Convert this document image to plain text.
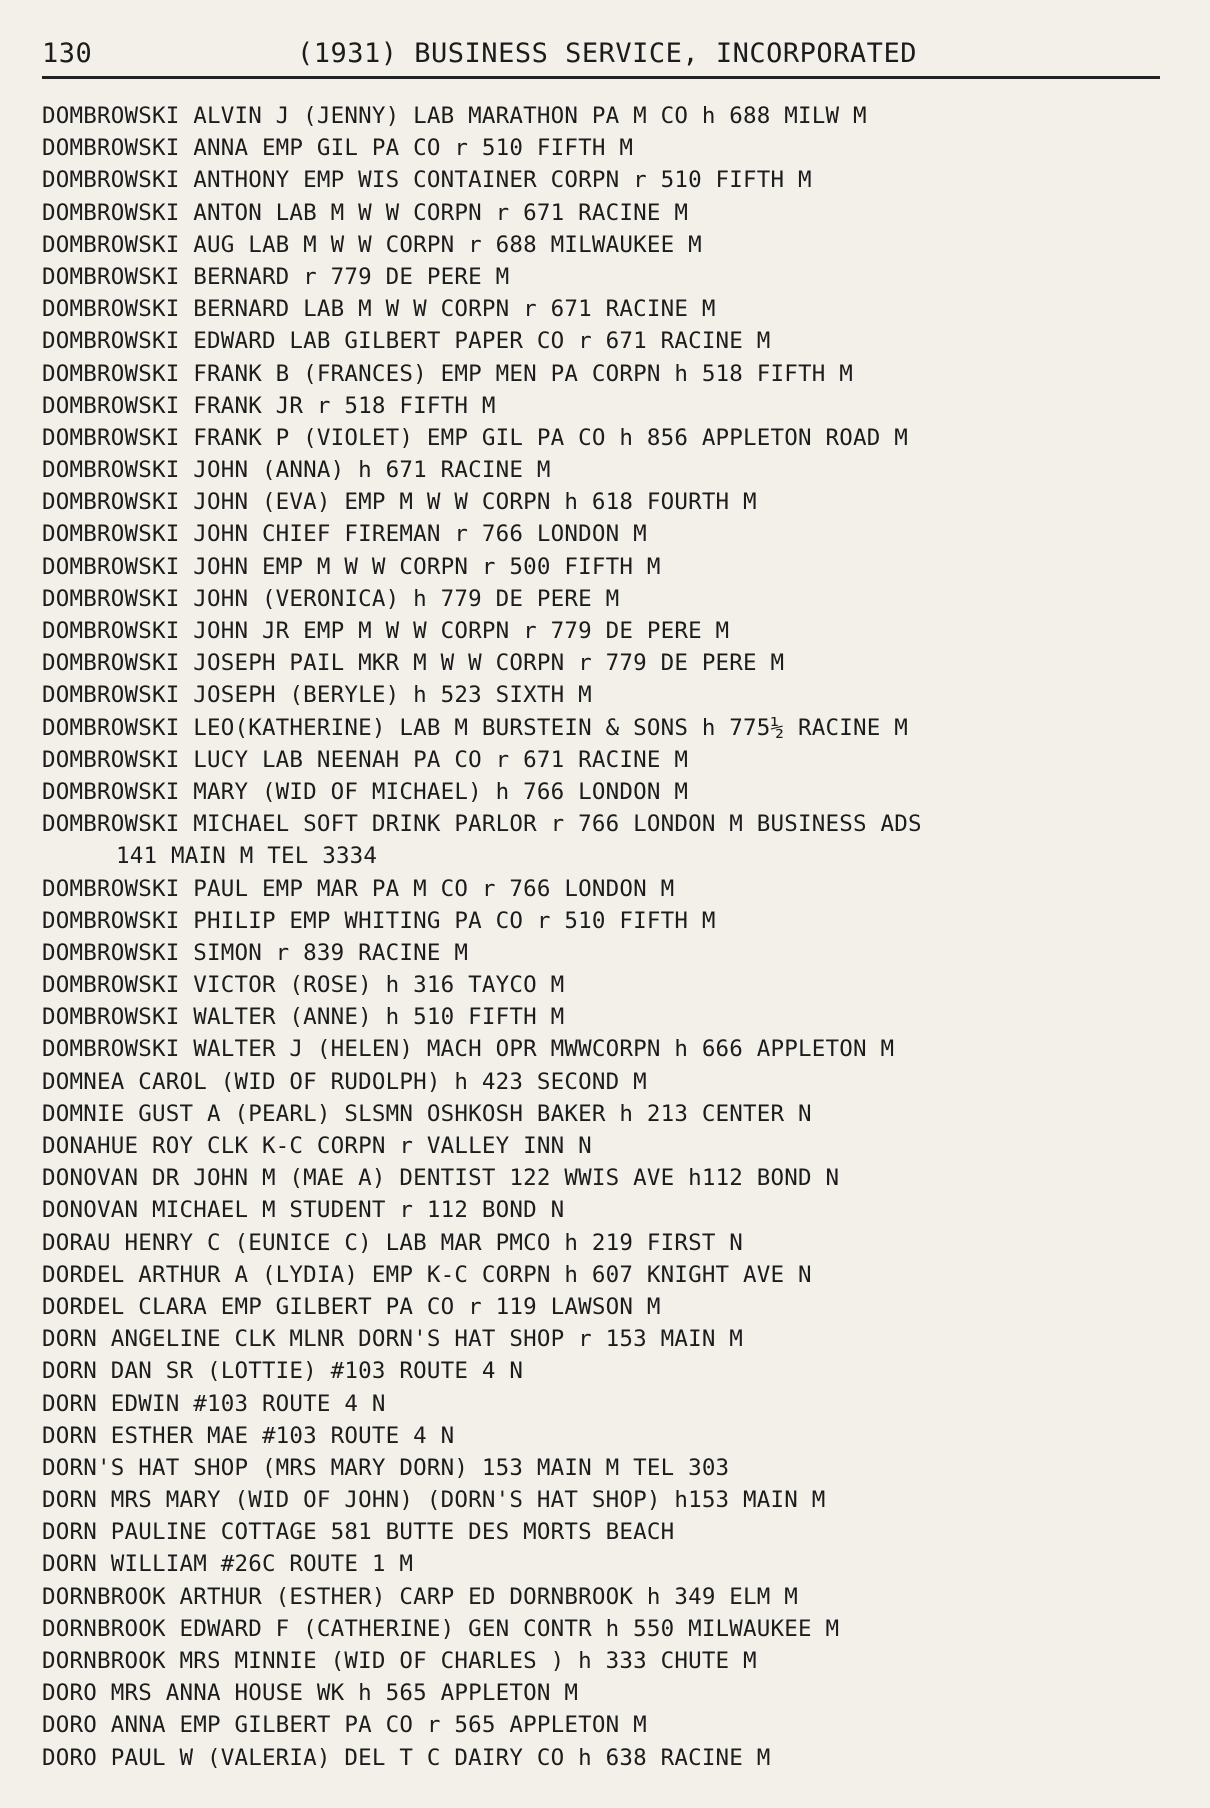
130	(1931) BUSINESS SERVICE, INCORPORATED
DOMBROWSKI ALVIN J (JENNY) LAB MARATHON PA M CO h 688 MILW M
DOMBROWSKI ANNA EMP GIL PA CO r 510 FIFTH M
DOMBROWSKI ANTHONY EMP WIS CONTAINER CORPN r 510 FIFTH M
DOMBROWSKI ANTON LAB M W W CORPN r 671 RACINE M
DOMBROWSKI AUG LAB M W W CORPN r 688 MILWAUKEE M
DOMBROWSKI BERNARD r 779 DE PERE M
DOMBROWSKI BERNARD LAB M W W CORPN r 671 RACINE M
DOMBROWSKI EDWARD LAB GILBERT PAPER CO r 671 RACINE M
DOMBROWSKI FRANK B (FRANCES) EMP MEN PA CORPN h 518 FIFTH M
DOMBROWSKI FRANK JR r 518 FIFTH M
DOMBROWSKI FRANK P (VIOLET) EMP GIL PA CO h 856 APPLETON ROAD M
DOMBROWSKI JOHN (ANNA) h 671 RACINE M
DOMBROWSKI JOHN (EVA) EMP M W W CORPN h 618 FOURTH M
DOMBROWSKI JOHN CHIEF FIREMAN r 766 LONDON M
DOMBROWSKI JOHN EMP M W W CORPN r 500 FIFTH M
DOMBROWSKI JOHN (VERONICA) h 779 DE PERE M
DOMBROWSKI JOHN JR EMP M W W CORPN r 779 DE PERE M
DOMBROWSKI JOSEPH PAIL MKR M W W CORPN r 779 DE PERE M
DOMBROWSKI JOSEPH (BERYLE) h 523 SIXTH M
DOMBROWSKI LEO(KATHERINE) LAB M BURSTEIN & SONS h 775½ RACINE M
DOMBROWSKI LUCY LAB NEENAH PA CO r 671 RACINE M
DOMBROWSKI MARY (WID OF MICHAEL) h 766 LONDON M
DOMBROWSKI MICHAEL SOFT DRINK PARLOR r 766 LONDON M BUSINESS ADS
141 MAIN M TEL 3334
DOMBROWSKI PAUL EMP MAR PA M CO r 766 LONDON M
DOMBROWSKI PHILIP EMP WHITING PA CO r 510 FIFTH M
DOMBROWSKI SIMON r 839 RACINE M
DOMBROWSKI VICTOR (ROSE) h 316 TAYCO M
DOMBROWSKI WALTER (ANNE) h 510 FIFTH M
DOMBROWSKI WALTER J (HELEN) MACH OPR MWWCORPN h 666 APPLETON M
DOMNEA CAROL (WID OF RUDOLPH) h 423 SECOND M
DOMNIE GUST A (PEARL) SLSMN OSHKOSH BAKER h 213 CENTER N
DONAHUE ROY CLK K-C CORPN r VALLEY INN N
DONOVAN DR JOHN M (MAE A) DENTIST 122 WWIS AVE h112 BOND N
DONOVAN MICHAEL M STUDENT r 112 BOND N
DORAU HENRY C (EUNICE C) LAB MAR PMCO h 219 FIRST N
DORDEL ARTHUR A (LYDIA) EMP K-C CORPN h 607 KNIGHT AVE N
DORDEL CLARA EMP GILBERT PA CO r 119 LAWSON M
DORN ANGELINE CLK MLNR DORN'S HAT SHOP r 153 MAIN M
DORN DAN SR (LOTTIE) #103 ROUTE 4 N
DORN EDWIN #103 ROUTE 4 N
DORN ESTHER MAE #103 ROUTE 4 N
DORN'S HAT SHOP (MRS MARY DORN) 153 MAIN M TEL 303
DORN MRS MARY (WID OF JOHN) (DORN'S HAT SHOP) h153 MAIN M
DORN PAULINE COTTAGE 581 BUTTE DES MORTS BEACH
DORN WILLIAM #26C ROUTE 1 M
DORNBROOK ARTHUR (ESTHER) CARP ED DORNBROOK h 349 ELM M
DORNBROOK EDWARD F (CATHERINE) GEN CONTR h 550 MILWAUKEE M
DORNBROOK MRS MINNIE (WID OF CHARLES ) h 333 CHUTE M
DORO MRS ANNA HOUSE WK h 565 APPLETON M
DORO ANNA EMP GILBERT PA CO r 565 APPLETON M
DORO PAUL W (VALERIA) DEL T C DAIRY CO h 638 RACINE M
